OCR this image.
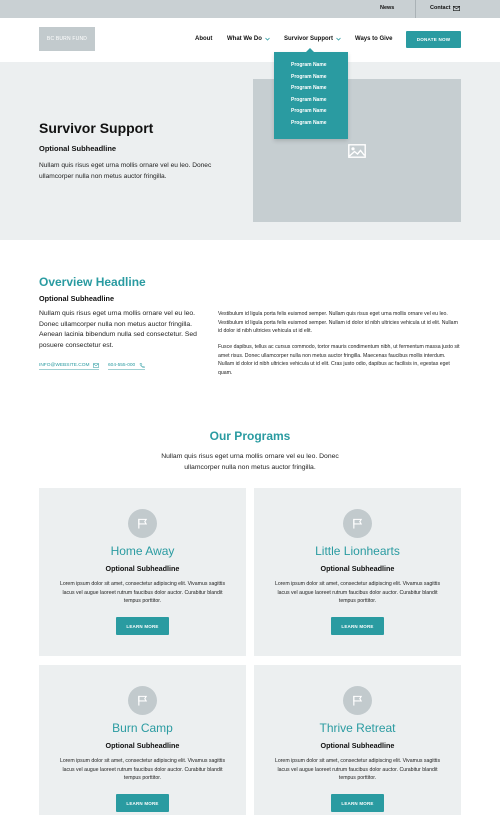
News	Contact
BC BURN FUND	About What We Do	Survivor Support	Ways to Give	DONATE NOW
Survivor Support
Optional Subheadline

Nullam quis risus eget urna mollis ornare vel eu leo. Donec ullamcorper nulla non metus auctor fringilla.

Program Name
Program Name
Program Name
Program Name
Program Name
Program Name
Overview Headline
Optional Subheadline

Nullam quis risus eget urna mollis ornare vel eu leo. Donec ullamcorper nulla non metus auctor fringilla. Aenean lacinia bibendum nulla sed consectetur. Sed posuere consectetur est.

INFO@WEBSITE.COM	604-555-000

Vestibulum id ligula porta felis euismod semper. Nullam quis risus eget urna mollis ornare vel eu leo. Vestibulum id ligula porta felis euismod semper. Nullam id dolor id nibh ultricies vehicula ut id elit. Nullam id dolor id nibh ultricies vehicula ut id elit.

Fusce dapibus, tellus ac cursus commodo, tortor mauris condimentum nibh, ut fermentum massa justo sit amet risus. Donec ullamcorper nulla non metus auctor fringilla. Maecenas faucibus mollis interdum. Nullam id dolor id nibh ultricies vehicula ut id elit. Cras justo odio, dapibus ac facilisis in, egestas eget quam.

Our Programs

Nullam quis risus eget urna mollis ornare vel eu leo. Donec ullamcorper nulla non metus auctor fringilla.

Home Away
Optional Subheadline

Lorem ipsum dolor sit amet, consectetur adipiscing elit. Vivamus sagittis lacus vel augue laoreet rutrum faucibus dolor auctor. Curabitur blandit tempus porttitor.

LEARN MORE
Little Lionhearts
Optional Subheadline

Lorem ipsum dolor sit amet, consectetur adipiscing elit. Vivamus sagittis lacus vel augue laoreet rutrum faucibus dolor auctor. Curabitur blandit tempus porttitor.

LEARN MORE
Burn Camp
Optional Subheadline

Lorem ipsum dolor sit amet, consectetur adipiscing elit. Vivamus sagittis lacus vel augue laoreet rutrum faucibus dolor auctor. Curabitur blandit tempus porttitor.

LEARN MORE
Thrive Retreat
Optional Subheadline

Lorem ipsum dolor sit amet, consectetur adipiscing elit. Vivamus sagittis lacus vel augue laoreet rutrum faucibus dolor auctor. Curabitur blandit tempus porttitor.

LEARN MORE
